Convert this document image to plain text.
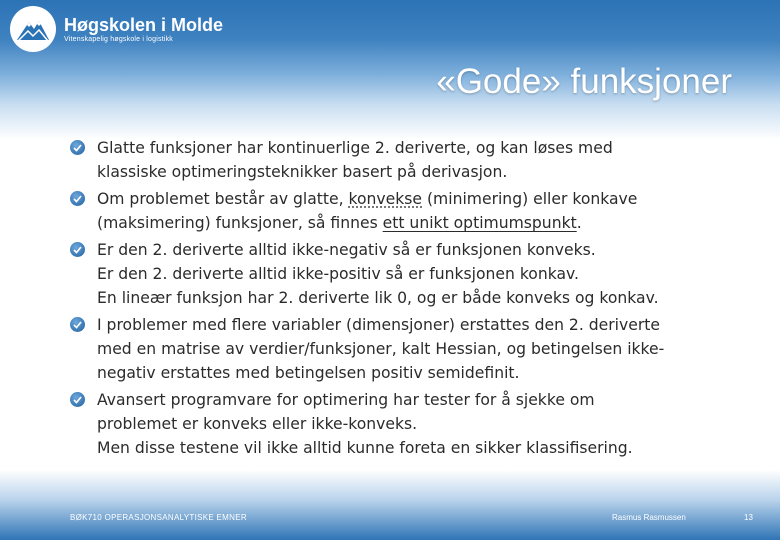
Høgskolen i Molde
Vitenskapelig høgskole i logistikk
«Gode» funksjoner
Glatte funksjoner har kontinuerlige 2. deriverte, og kan løses med
klassiske optimeringsteknikker basert på derivasjon.
Om problemet består av glatte, konvekse (minimering) eller konkave
(maksimering) funksjoner, så finnes ett unikt optimumspunkt.
Er den 2. deriverte alltid ikke-negativ så er funksjonen konveks.
Er den 2. deriverte alltid ikke-positiv så er funksjonen konkav.
En lineær funksjon har 2. deriverte lik 0, og er både konveks og konkav.
I problemer med flere variabler (dimensjoner) erstattes den 2. deriverte
med en matrise av verdier/funksjoner, kalt Hessian, og betingelsen ikke-
negativ erstattes med betingelsen positiv semidefinit.
Avansert programvare for optimering har tester for å sjekke om
problemet er konveks eller ikke-konveks.
Men disse testene vil ikke alltid kunne foreta en sikker klassifisering.
BØK710 OPERASJONSANALYTISKE EMNER	Rasmus Rasmussen	13
